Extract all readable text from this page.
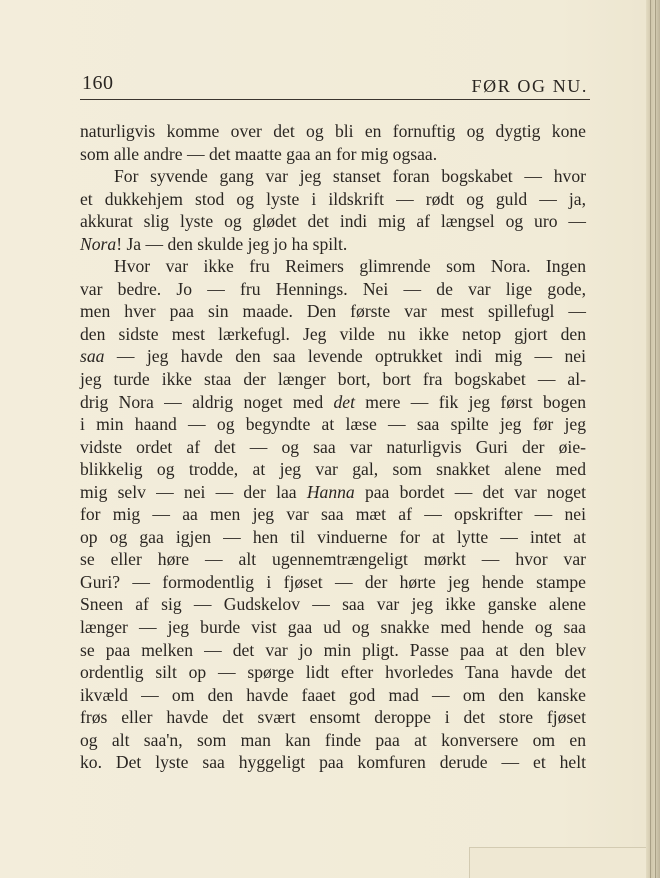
160	FØR OG NU.
naturligvis komme over det og bli en fornuftig og dygtig kone
som alle andre — det maatte gaa an for mig ogsaa.
For syvende gang var jeg stanset foran bogskabet — hvor
et dukkehjem stod og lyste i ildskrift — rødt og guld — ja,
akkurat slig lyste og glødet det indi mig af længsel og uro —
Nora! Ja — den skulde jeg jo ha spilt.
Hvor var ikke fru Reimers glimrende som Nora. Ingen
var bedre. Jo — fru Hennings. Nei — de var lige gode,
men hver paa sin maade. Den første var mest spillefugl —
den sidste mest lærkefugl. Jeg vilde nu ikke netop gjort den
saa — jeg havde den saa levende optrukket indi mig — nei
jeg turde ikke staa der længer bort, bort fra bogskabet — al-
drig Nora — aldrig noget med det mere — fik jeg først bogen
i min haand — og begyndte at læse — saa spilte jeg før jeg
vidste ordet af det — og saa var naturligvis Guri der øie-
blikkelig og trodde, at jeg var gal, som snakket alene med
mig selv — nei — der laa Hanna paa bordet — det var noget
for mig — aa men jeg var saa mæt af — opskrifter — nei
op og gaa igjen — hen til vinduerne for at lytte — intet at
se eller høre — alt ugennemtrængeligt mørkt — hvor var
Guri? — formodentlig i fjøset — der hørte jeg hende stampe
Sneen af sig — Gudskelov — saa var jeg ikke ganske alene
længer — jeg burde vist gaa ud og snakke med hende og saa
se paa melken — det var jo min pligt. Passe paa at den blev
ordentlig silt op — spørge lidt efter hvorledes Tana havde det
ikvæld — om den havde faaet god mad — om den kanske
frøs eller havde det svært ensomt deroppe i det store fjøset
og alt saa'n, som man kan finde paa at konversere om en
ko. Det lyste saa hyggeligt paa komfuren derude — et helt
